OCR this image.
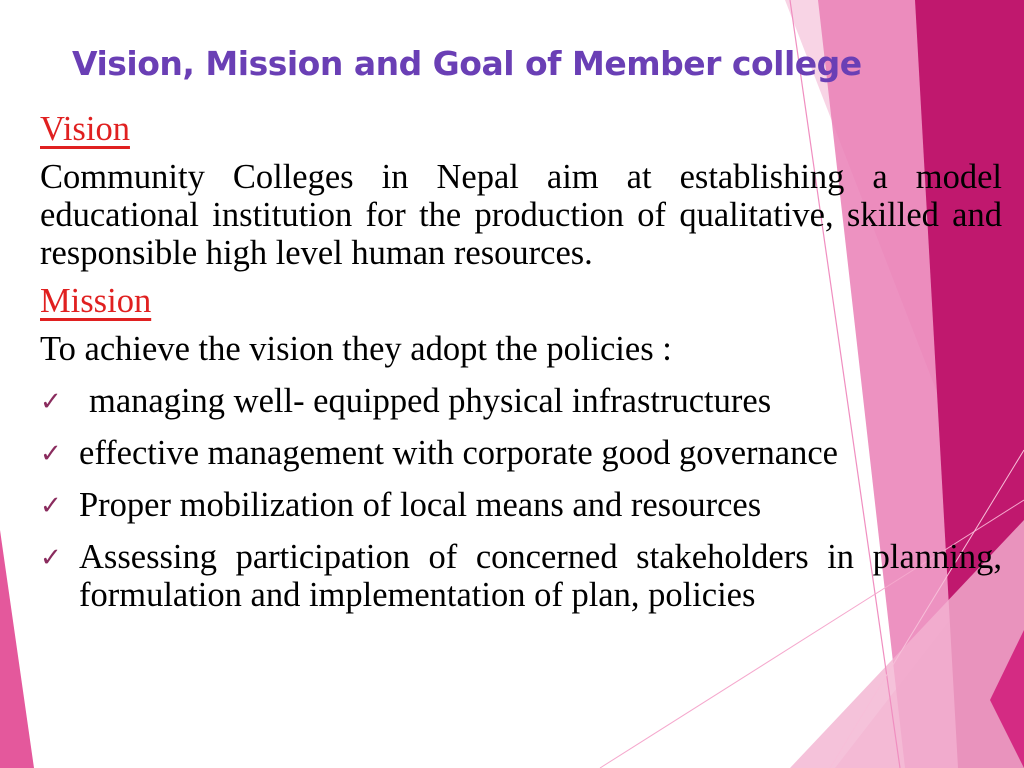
Vision, Mission and Goal of Member college
Vision
Community Colleges in Nepal aim at establishing a model educational institution for the production of qualitative, skilled and responsible high level human resources.
Mission
To achieve the vision they adopt the policies :
✓ managing well- equipped physical infrastructures
✓ effective management with corporate good governance
✓ Proper mobilization of local means and resources
✓ Assessing participation of concerned stakeholders in planning, formulation and implementation of plan, policies
